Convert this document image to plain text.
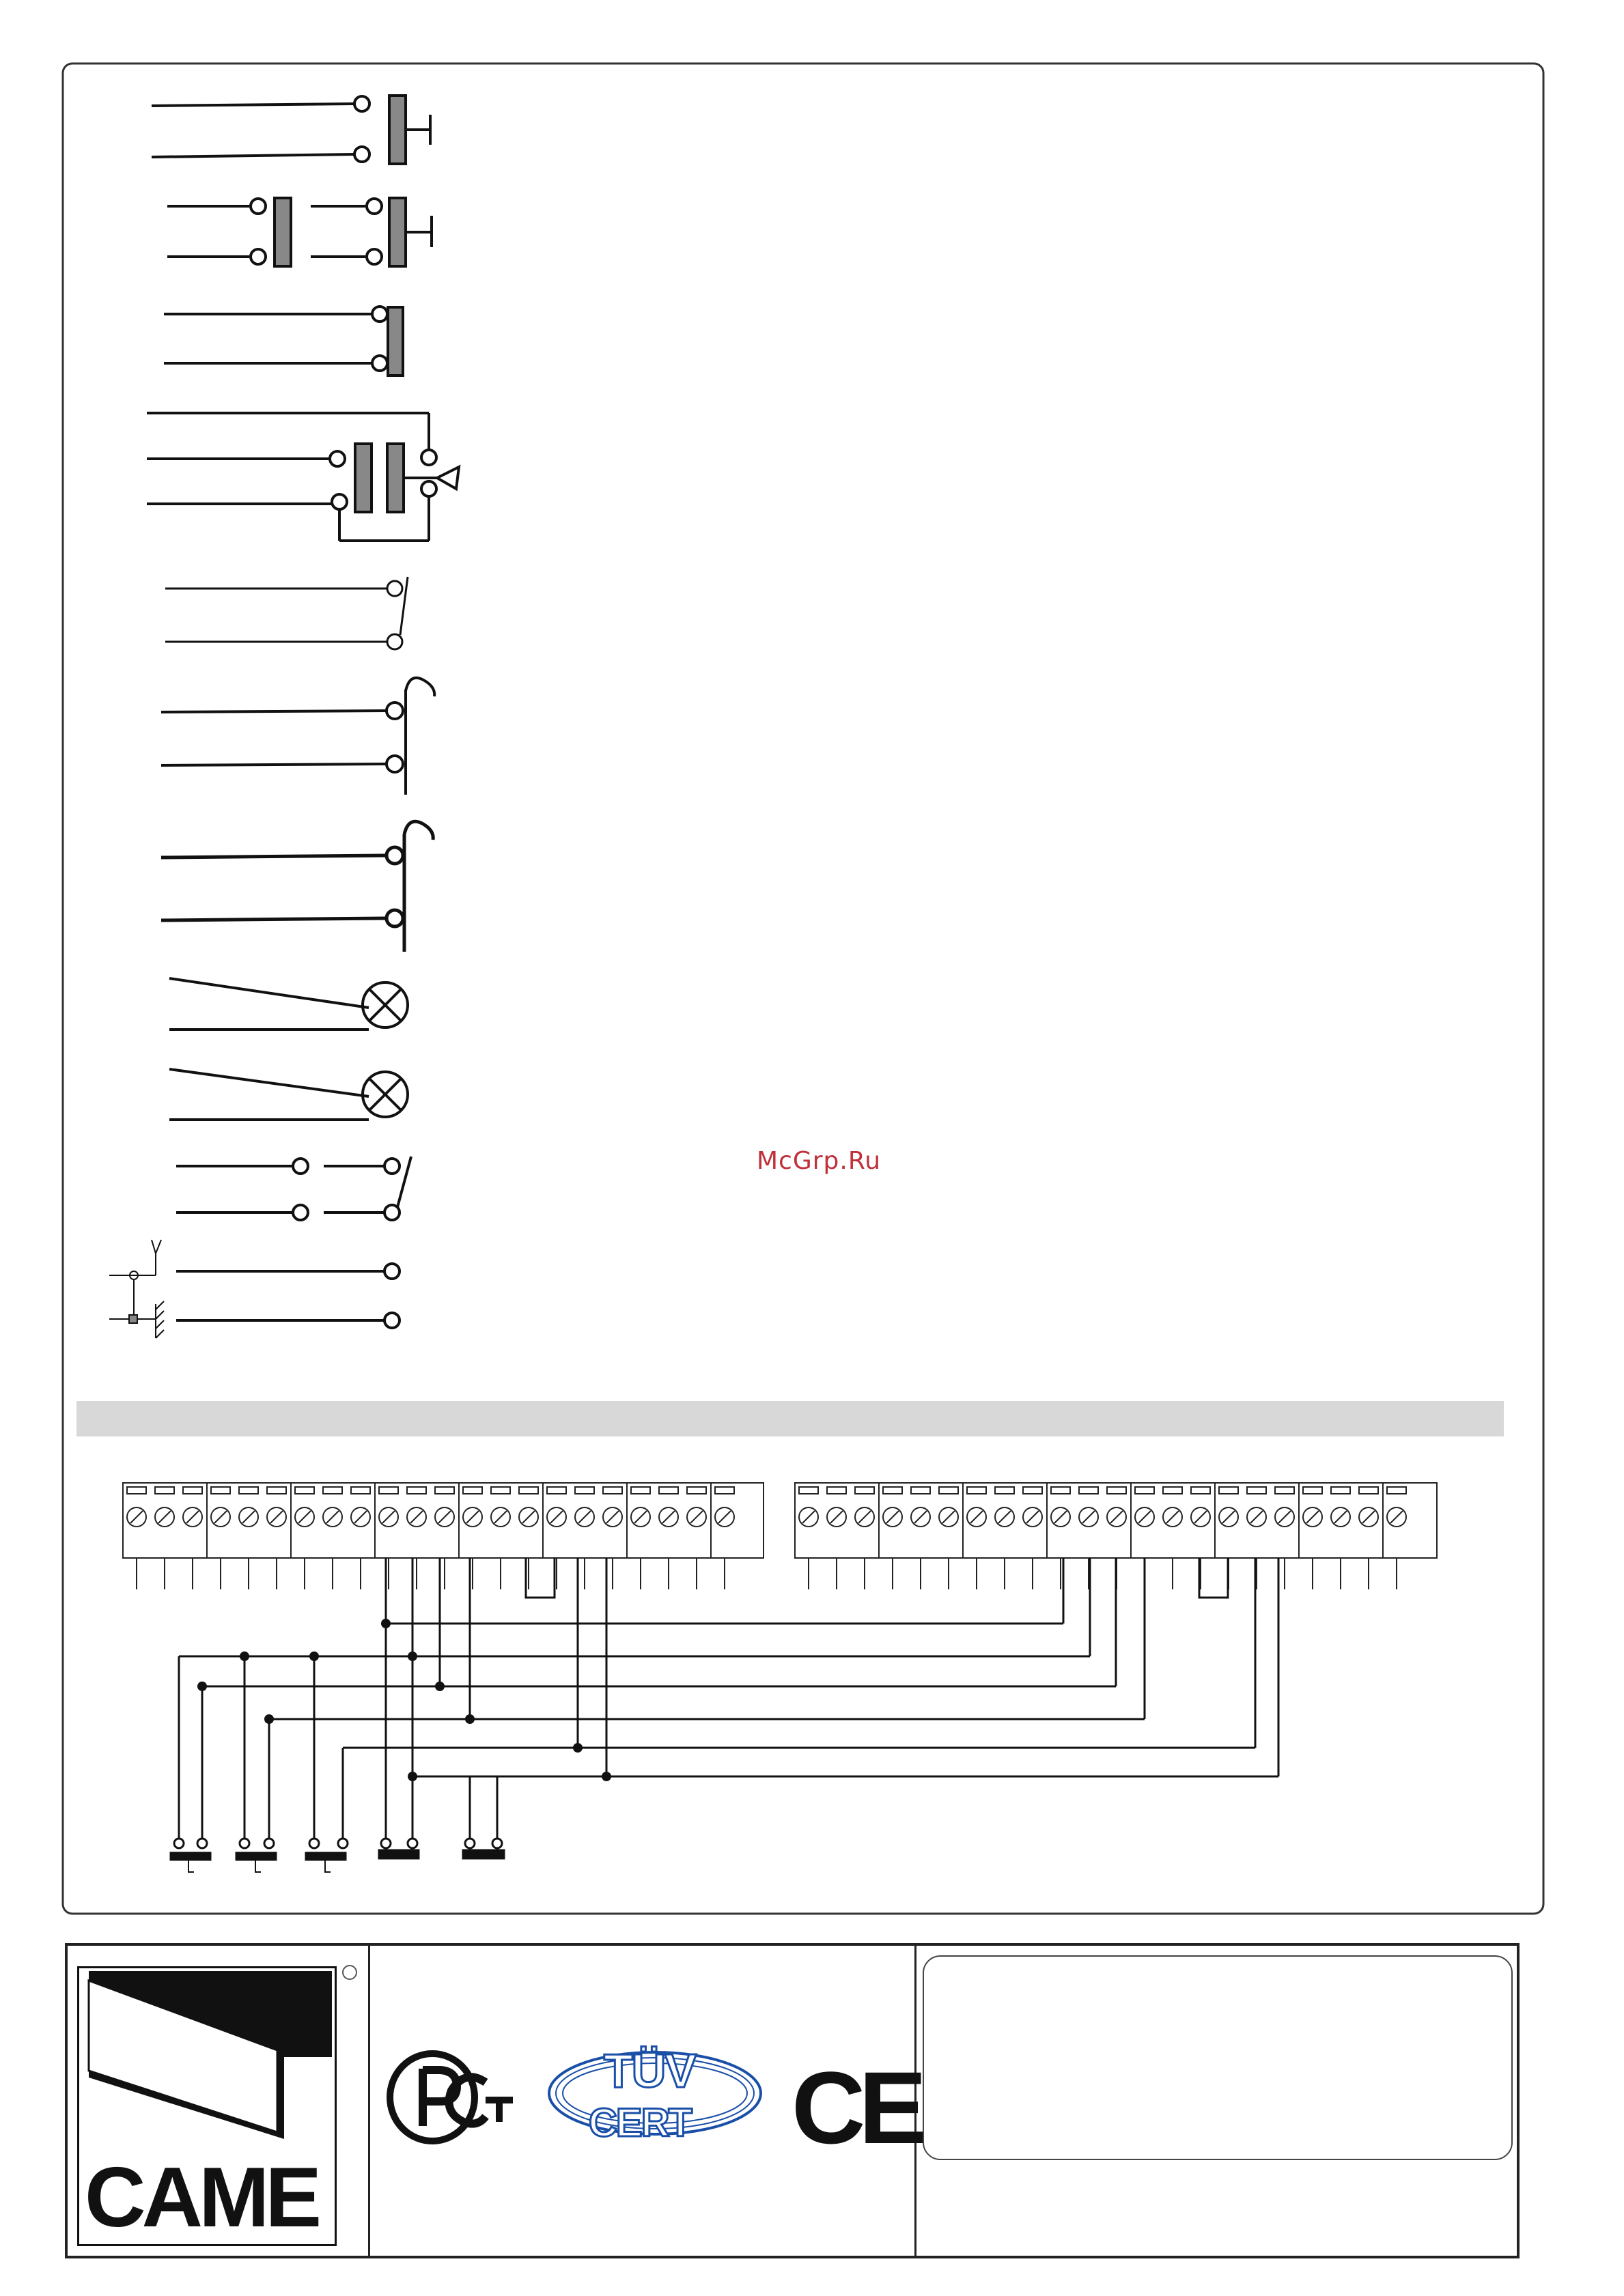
McGrp.Ru
CAME
TÜV
CERT CE
